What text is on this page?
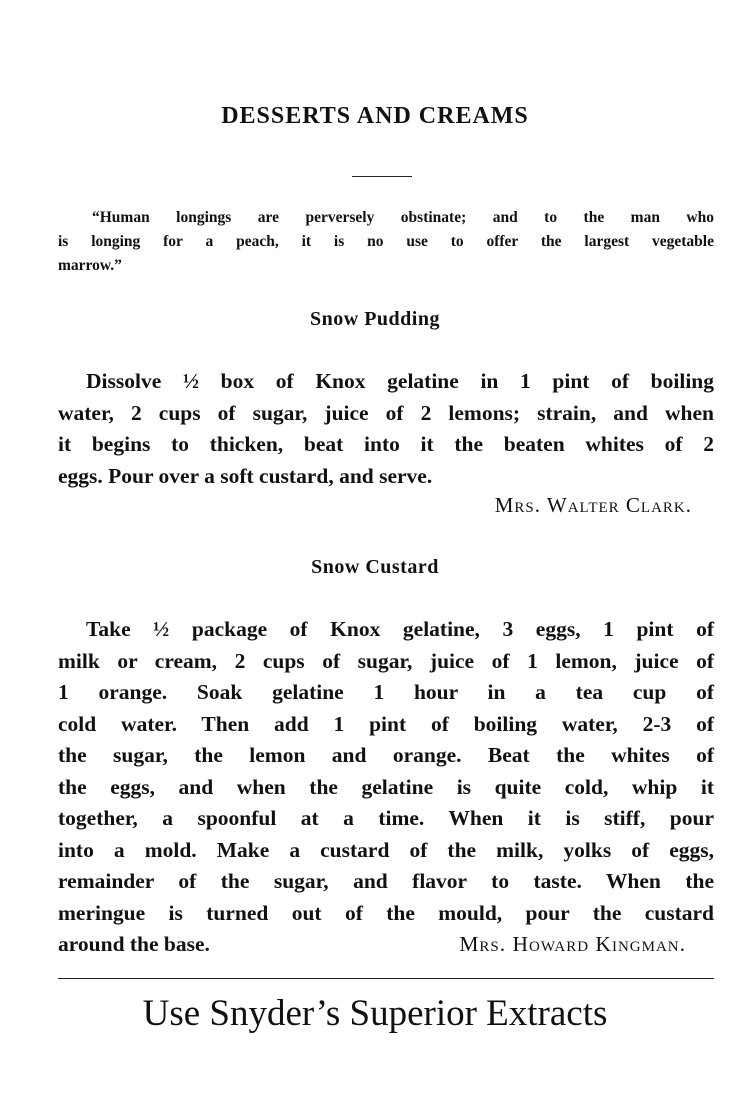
DESSERTS AND CREAMS
“Human longings are perversely obstinate; and to the man who
is longing for a peach, it is no use to offer the largest vegetable
marrow.”
Snow Pudding
Dissolve ½ box of Knox gelatine in 1 pint of boiling
water, 2 cups of sugar, juice of 2 lemons; strain, and when
it begins to thicken, beat into it the beaten whites of 2
eggs. Pour over a soft custard, and serve.
Mrs. Walter Clark.
Snow Custard
Take ½ package of Knox gelatine, 3 eggs, 1 pint of
milk or cream, 2 cups of sugar, juice of 1 lemon, juice of
1 orange. Soak gelatine 1 hour in a tea cup of
cold water. Then add 1 pint of boiling water, 2-3 of
the sugar, the lemon and orange. Beat the whites of
the eggs, and when the gelatine is quite cold, whip it
together, a spoonful at a time. When it is stiff, pour
into a mold. Make a custard of the milk, yolks of eggs,
remainder of the sugar, and flavor to taste. When the
meringue is turned out of the mould, pour the custard
around the base.	Mrs. Howard Kingman.
Use Snyder’s Superior Extracts
